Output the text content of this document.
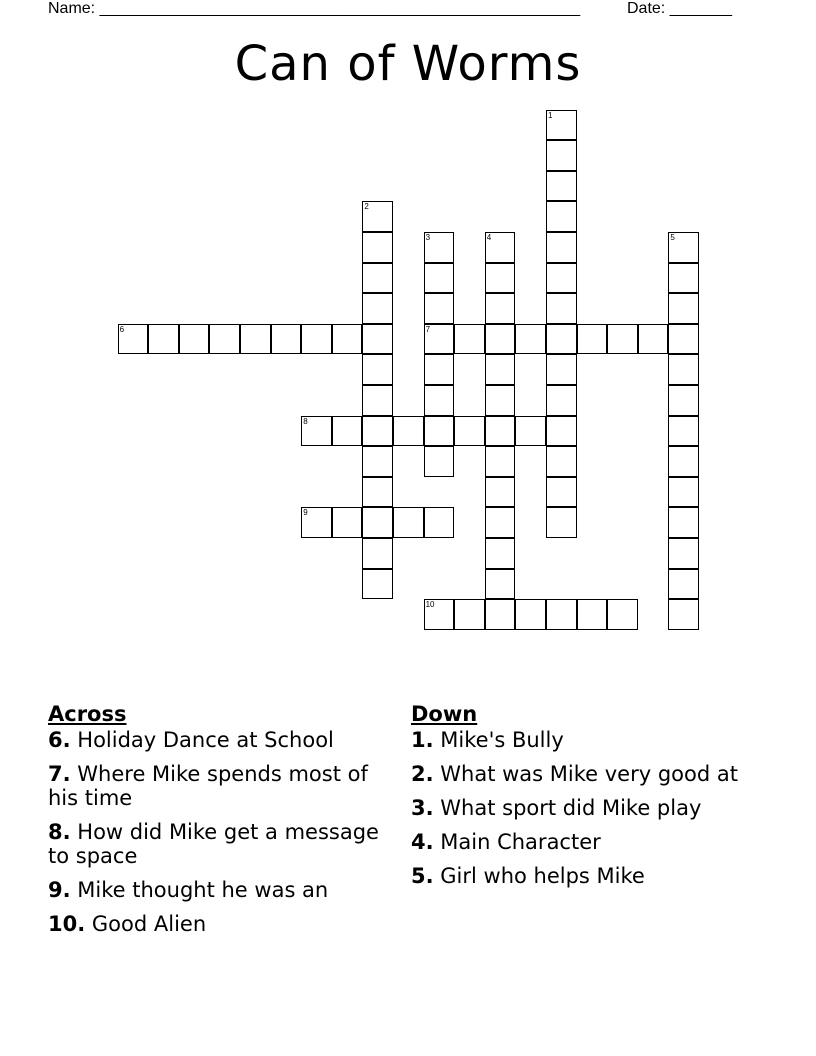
Name: ______________________________________________________	Date: _______
Can of Worms
1
2
3
7
4	5
6
8
9
10
Across
6. Holiday Dance at School
7. Where Mike spends most of his time
8. How did Mike get a message to space
9. Mike thought he was an
10. Good Alien
Down
1. Mike's Bully
2. What was Mike very good at
3. What sport did Mike play
4. Main Character
5. Girl who helps Mike
